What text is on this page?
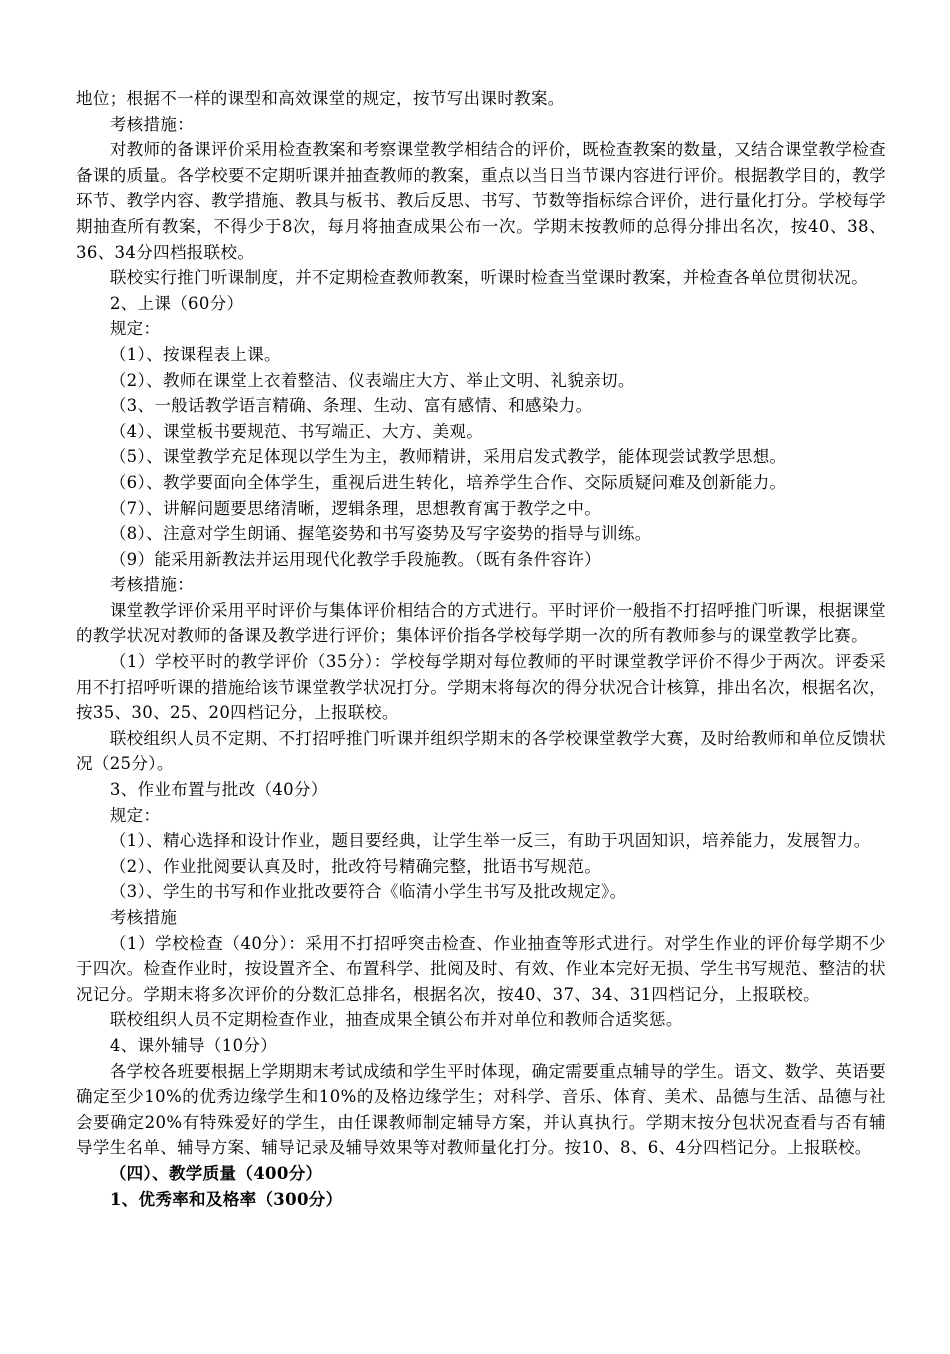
地位；根据不一样的课型和高效课堂的规定，按节写出课时教案。

考核措施：

对教师的备课评价采用检查教案和考察课堂教学相结合的评价，既检查教案的数量，又结合课堂教学检查备课的质量。各学校要不定期听课并抽查教师的教案，重点以当日当节课内容进行评价。根据教学目的，教学环节、教学内容、教学措施、教具与板书、教后反思、书写、节数等指标综合评价，进行量化打分。学校每学期抽查所有教案，不得少于8次，每月将抽查成果公布一次。学期末按教师的总得分排出名次，按40、38、36、34分四档报联校。

联校实行推门听课制度，并不定期检查教师教案，听课时检查当堂课时教案，并检查各单位贯彻状况。

2、上课（60分）

规定：

（1）、按课程表上课。

（2）、教师在课堂上衣着整洁、仪表端庄大方、举止文明、礼貌亲切。

（3、一般话教学语言精确、条理、生动、富有感情、和感染力。

（4）、课堂板书要规范、书写端正、大方、美观。

（5）、课堂教学充足体现以学生为主，教师精讲，采用启发式教学，能体现尝试教学思想。

（6）、教学要面向全体学生，重视后进生转化，培养学生合作、交际质疑问难及创新能力。

（7）、讲解问题要思绪清晰，逻辑条理，思想教育寓于教学之中。

（8）、注意对学生朗诵、握笔姿势和书写姿势及写字姿势的指导与训练。

（9）能采用新教法并运用现代化教学手段施教。（既有条件容许）

考核措施：

课堂教学评价采用平时评价与集体评价相结合的方式进行。平时评价一般指不打招呼推门听课，根据课堂的教学状况对教师的备课及教学进行评价；集体评价指各学校每学期一次的所有教师参与的课堂教学比赛。

（1）学校平时的教学评价（35分）：学校每学期对每位教师的平时课堂教学评价不得少于两次。评委采用不打招呼听课的措施给该节课堂教学状况打分。学期末将每次的得分状况合计核算，排出名次，根据名次，按35、30、25、20四档记分，上报联校。

联校组织人员不定期、不打招呼推门听课并组织学期末的各学校课堂教学大赛，及时给教师和单位反馈状况（25分）。

3、作业布置与批改（40分）

规定：

（1）、精心选择和设计作业，题目要经典，让学生举一反三，有助于巩固知识，培养能力，发展智力。

（2）、作业批阅要认真及时，批改符号精确完整，批语书写规范。

（3）、学生的书写和作业批改要符合《临清小学生书写及批改规定》。

考核措施

（1）学校检查（40分）：采用不打招呼突击检查、作业抽查等形式进行。对学生作业的评价每学期不少于四次。检查作业时，按设置齐全、布置科学、批阅及时、有效、作业本完好无损、学生书写规范、整洁的状况记分。学期末将多次评价的分数汇总排名，根据名次，按40、37、34、31四档记分，上报联校。

联校组织人员不定期检查作业，抽查成果全镇公布并对单位和教师合适奖惩。

4、课外辅导（10分）

各学校各班要根据上学期期末考试成绩和学生平时体现，确定需要重点辅导的学生。语文、数学、英语要确定至少10%的优秀边缘学生和10%的及格边缘学生；对科学、音乐、体育、美术、品德与生活、品德与社会要确定20%有特殊爱好的学生，由任课教师制定辅导方案，并认真执行。学期末按分包状况查看与否有辅导学生名单、辅导方案、辅导记录及辅导效果等对教师量化打分。按10、8、6、4分四档记分。上报联校。

（四）、教学质量（400分）

1、优秀率和及格率（300分）
